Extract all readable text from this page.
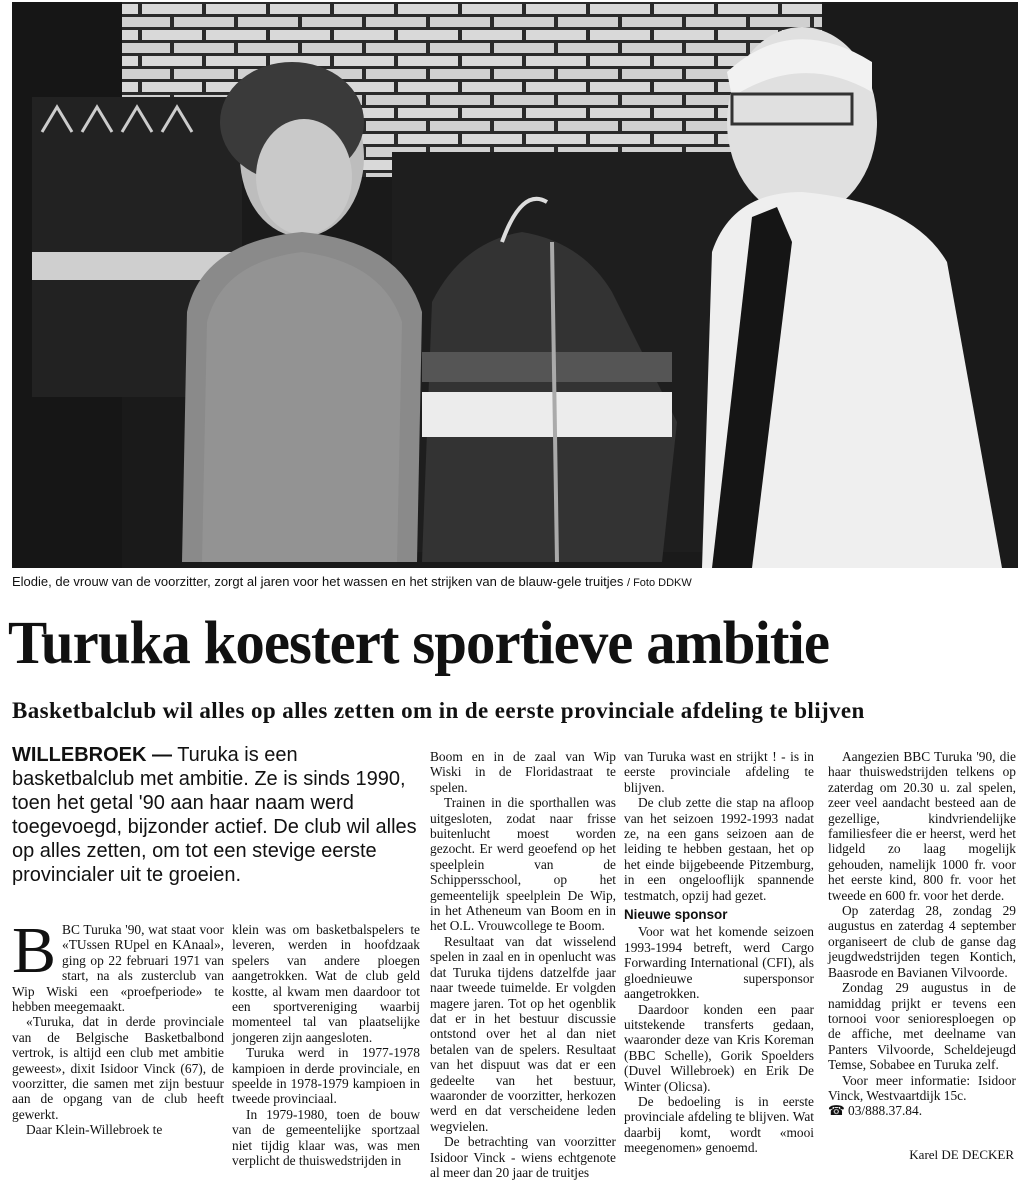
Elodie, de vrouw van de voorzitter, zorgt al jaren voor het wassen en het strijken van de blauw-gele truitjes / Foto DDKW
Turuka koestert sportieve ambitie
Basketbalclub wil alles op alles zetten om in de eerste provinciale afdeling te blijven
WILLEBROEK — Turuka is een basketbalclub met ambitie. Ze is sinds 1990, toen het getal '90 aan haar naam werd toegevoegd, bijzonder actief. De club wil alles op alles zetten, om tot een stevige eerste provincialer uit te groeien.

BBC Turuka '90, wat staat voor «TUssen RUpel en KAnaal», ging op 22 februari 1971 van start, na als zusterclub van Wip Wiski een «proefperiode» te hebben meegemaakt.

«Turuka, dat in derde provinciale van de Belgische Basketbalbond vertrok, is altijd een club met ambitie geweest», dixit Isidoor Vinck (67), de voorzitter, die samen met zijn bestuur aan de opgang van de club heeft gewerkt.

Daar Klein-Willebroek te

klein was om basketbalspelers te leveren, werden in hoofdzaak spelers van andere ploegen aangetrokken. Wat de club geld kostte, al kwam men daardoor tot een sportvereniging waarbij momenteel tal van plaatselijke jongeren zijn aangesloten.

Turuka werd in 1977-1978 kampioen in derde provinciale, en speelde in 1978-1979 kampioen in tweede provinciaal.

In 1979-1980, toen de bouw van de gemeentelijke sportzaal niet tijdig klaar was, was men verplicht de thuiswedstrijden in

Boom en in de zaal van Wip Wiski in de Floridastraat te spelen.

Trainen in die sporthallen was uitgesloten, zodat naar frisse buitenlucht moest worden gezocht. Er werd geoefend op het speelplein van de Schippersschool, op het gemeentelijk speelplein De Wip, in het Atheneum van Boom en in het O.L. Vrouwcollege te Boom.

Resultaat van dat wisselend spelen in zaal en in openlucht was dat Turuka tijdens datzelfde jaar naar tweede tuimelde. Er volgden magere jaren. Tot op het ogenblik dat er in het bestuur discussie ontstond over het al dan niet betalen van de spelers. Resultaat van het dispuut was dat er een gedeelte van het bestuur, waaronder de voorzitter, herkozen werd en dat verscheidene leden wegvielen.

De betrachting van voorzitter Isidoor Vinck - wiens echtgenote al meer dan 20 jaar de truitjes

van Turuka wast en strijkt ! - is in eerste provinciale afdeling te blijven.

De club zette die stap na afloop van het seizoen 1992-1993 nadat ze, na een gans seizoen aan de leiding te hebben gestaan, het op het einde bijgebeende Pitzemburg, in een ongelooflijk spannende testmatch, opzij had gezet.

Nieuwe sponsor

Voor wat het komende seizoen 1993-1994 betreft, werd Cargo Forwarding International (CFI), als gloednieuwe supersponsor aangetrokken.

Daardoor konden een paar uitstekende transferts gedaan, waaronder deze van Kris Koreman (BBC Schelle), Gorik Spoelders (Duvel Willebroek) en Erik De Winter (Olicsa).

De bedoeling is in eerste provinciale afdeling te blijven. Wat daarbij komt, wordt «mooi meegenomen» genoemd.

Aangezien BBC Turuka '90, die haar thuiswedstrijden telkens op zaterdag om 20.30 u. zal spelen, zeer veel aandacht besteed aan de gezellige, kindvriendelijke familiesfeer die er heerst, werd het lidgeld zo laag mogelijk gehouden, namelijk 1000 fr. voor het eerste kind, 800 fr. voor het tweede en 600 fr. voor het derde.

Op zaterdag 28, zondag 29 augustus en zaterdag 4 september organiseert de club de ganse dag jeugdwedstrijden tegen Kontich, Baasrode en Bavianen Vilvoorde.

Zondag 29 augustus in de namiddag prijkt er tevens een tornooi voor senioresploegen op de affiche, met deelname van Panters Vilvoorde, Scheldejeugd Temse, Sobabee en Turuka zelf.

Voor meer informatie: Isidoor Vinck, Westvaartdijk 15c.

☎ 03/888.37.84.

Karel DE DECKER
